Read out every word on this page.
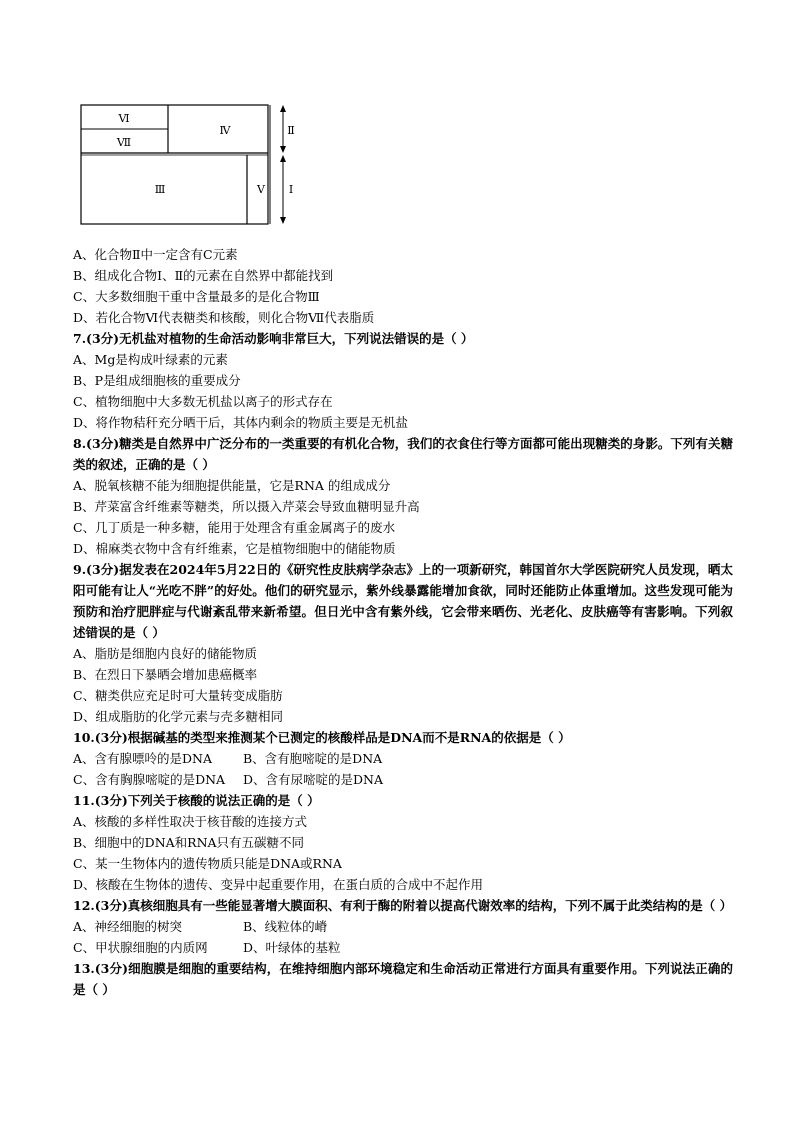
Ⅵ
Ⅶ
Ⅳ
Ⅲ	Ⅴ
Ⅱ
Ⅰ
A、化合物Ⅱ中一定含有C元素
B、组成化合物Ⅰ、Ⅱ的元素在自然界中都能找到
C、大多数细胞干重中含量最多的是化合物Ⅲ
D、若化合物Ⅵ代表糖类和核酸，则化合物Ⅶ代表脂质
7.(3分)无机盐对植物的生命活动影响非常巨大，下列说法错误的是（ ）
A、Mg是构成叶绿素的元素
B、P是组成细胞核的重要成分
C、植物细胞中大多数无机盐以离子的形式存在
D、将作物秸秆充分晒干后，其体内剩余的物质主要是无机盐
8.(3分)糖类是自然界中广泛分布的一类重要的有机化合物，我们的衣食住行等方面都可能出现糖类的身影。下列有关糖类的叙述，正确的是（ ）
A、脱氧核糖不能为细胞提供能量，它是RNA 的组成成分
B、芹菜富含纤维素等糖类，所以摄入芹菜会导致血糖明显升高
C、几丁质是一种多糖，能用于处理含有重金属离子的废水
D、棉麻类衣物中含有纤维素，它是植物细胞中的储能物质
9.(3分)据发表在2024年5月22日的《研究性皮肤病学杂志》上的一项新研究，韩国首尔大学医院研究人员发现，晒太阳可能有让人“光吃不胖”的好处。他们的研究显示，紫外线暴露能增加食欲，同时还能防止体重增加。这些发现可能为预防和治疗肥胖症与代谢紊乱带来新希望。但日光中含有紫外线，它会带来晒伤、光老化、皮肤癌等有害影响。下列叙述错误的是（ ）
A、脂肪是细胞内良好的储能物质
B、在烈日下暴晒会增加患癌概率
C、糖类供应充足时可大量转变成脂肪
D、组成脂肪的化学元素与壳多糖相同
10.(3分)根据碱基的类型来推测某个已测定的核酸样品是DNA而不是RNA的依据是（ ）
A、含有腺嘌呤的是DNA B、含有胞嘧啶的是DNA
C、含有胸腺嘧啶的是DNA D、含有尿嘧啶的是DNA
11.(3分)下列关于核酸的说法正确的是（ ）
A、核酸的多样性取决于核苷酸的连接方式
B、细胞中的DNA和RNA只有五碳糖不同
C、某一生物体内的遗传物质只能是DNA或RNA
D、核酸在生物体的遗传、变异中起重要作用，在蛋白质的合成中不起作用
12.(3分)真核细胞具有一些能显著增大膜面积、有利于酶的附着以提高代谢效率的结构，下列不属于此类结构的是（ ）
A、神经细胞的树突	B、线粒体的嵴
C、甲状腺细胞的内质网	D、叶绿体的基粒
13.(3分)细胞膜是细胞的重要结构，在维持细胞内部环境稳定和生命活动正常进行方面具有重要作用。下列说法正确的是（ ）
